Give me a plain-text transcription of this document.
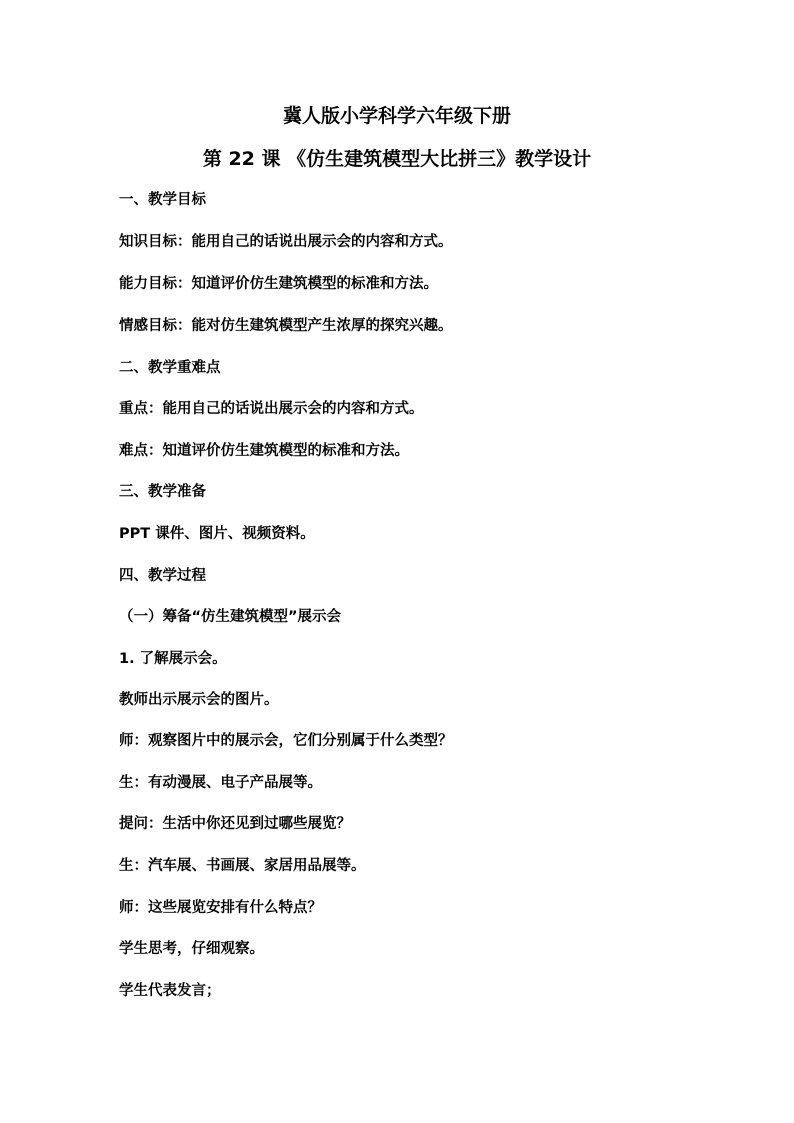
冀人版小学科学六年级下册
第 22 课 《仿生建筑模型大比拼三》教学设计

一、教学目标

知识目标：能用自己的话说出展示会的内容和方式。

能力目标：知道评价仿生建筑模型的标准和方法。

情感目标：能对仿生建筑模型产生浓厚的探究兴趣。

二、教学重难点

重点：能用自己的话说出展示会的内容和方式。

难点：知道评价仿生建筑模型的标准和方法。

三、教学准备

PPT 课件、图片、视频资料。

四、教学过程

（一）筹备“仿生建筑模型”展示会

1. 了解展示会。

教师出示展示会的图片。

师：观察图片中的展示会，它们分别属于什么类型？

生：有动漫展、电子产品展等。

提问：生活中你还见到过哪些展览？

生：汽车展、书画展、家居用品展等。

师：这些展览安排有什么特点？

学生思考，仔细观察。

学生代表发言；
